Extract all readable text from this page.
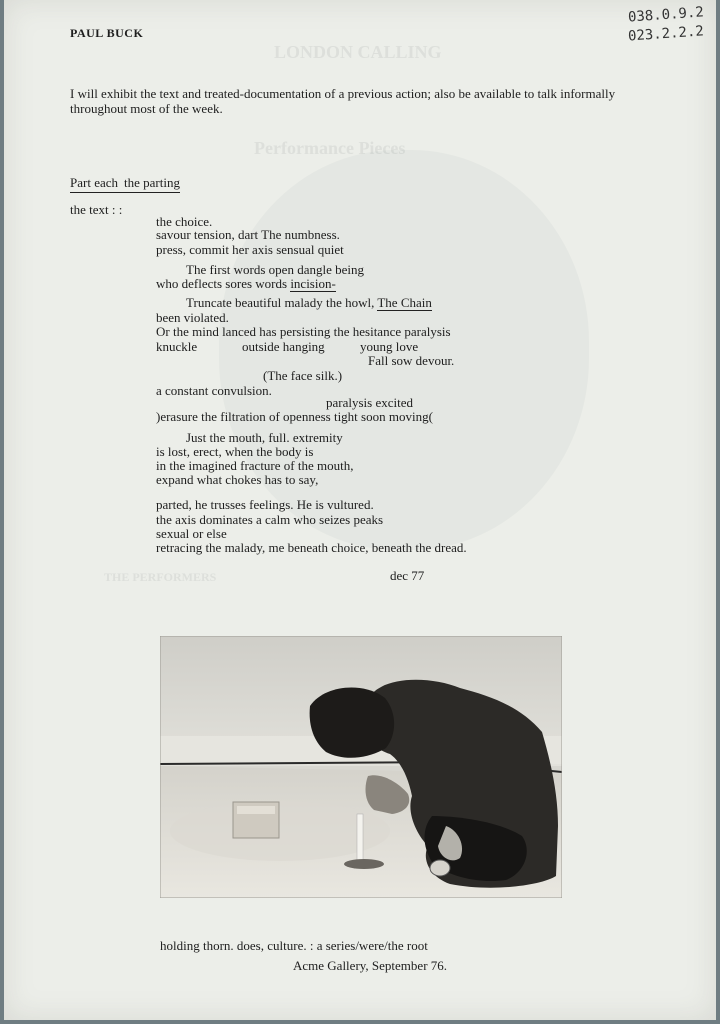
LONDON CALLING
Performance Pieces
THE PERFORMERS
PAUL BUCK
038.0.9.2
023.2.2.2
I will exhibit the text and treated-documentation of a previous action; also be available to talk informally throughout most of the week.
Part each the parting
the text : :
the choice.
savour tension, dart The numbness.
press, commit her axis sensual quiet
The first words open dangle being
who deflects sores words incision-
Truncate beautiful malady the howl, The Chain
been violated.
Or the mind lanced has persisting the hesitance paralysis
knuckle	outside hanging	young love
Fall sow devour.
(The face silk.)
a constant convulsion.
paralysis excited
)erasure the filtration of openness tight soon moving(
Just the mouth, full. extremity
is lost, erect, when the body is
in the imagined fracture of the mouth,
expand what chokes has to say,
parted, he trusses feelings. He is vultured.
the axis dominates a calm who seizes peaks
sexual or else
retracing the malady, me beneath choice, beneath the dread.
dec 77
holding thorn. does, culture. : a series/were/the root
Acme Gallery, September 76.
